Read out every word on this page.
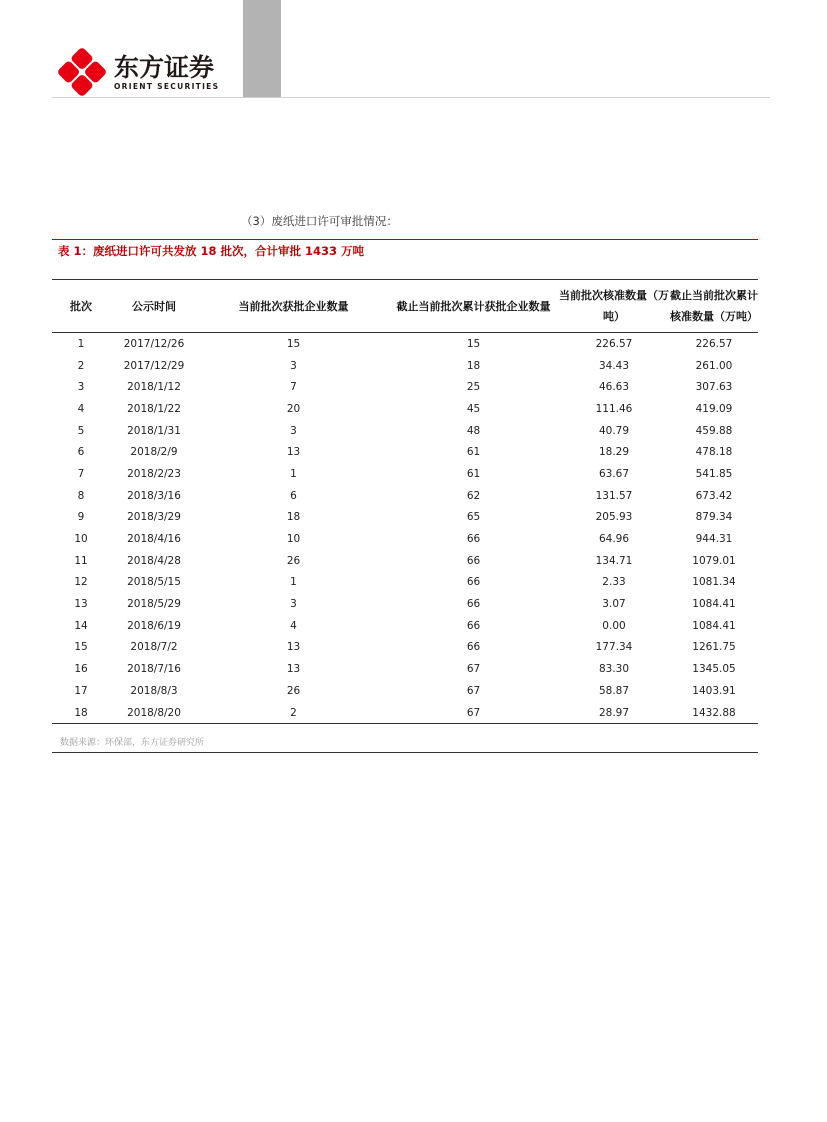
东方证券
ORIENT SECURITIES
（3）废纸进口许可审批情况：
表 1：废纸进口许可共发放 18 批次，合计审批 1433 万吨
批次	公示时间	当前批次获批企业数量	截止当前批次累计获批企业数量	当前批次核准数量（万吨）	截止当前批次累计核准数量（万吨）
1	2017/12/26	15	15	226.57	226.57
2	2017/12/29	3	18	34.43	261.00
3	2018/1/12	7	25	46.63	307.63
4	2018/1/22	20	45	111.46	419.09
5	2018/1/31	3	48	40.79	459.88
6	2018/2/9	13	61	18.29	478.18
7	2018/2/23	1	61	63.67	541.85
8	2018/3/16	6	62	131.57	673.42
9	2018/3/29	18	65	205.93	879.34
10	2018/4/16	10	66	64.96	944.31
11	2018/4/28	26	66	134.71	1079.01
12	2018/5/15	1	66	2.33	1081.34
13	2018/5/29	3	66	3.07	1084.41
14	2018/6/19	4	66	0.00	1084.41
15	2018/7/2	13	66	177.34	1261.75
16	2018/7/16	13	67	83.30	1345.05
17	2018/8/3	26	67	58.87	1403.91
18	2018/8/20	2	67	28.97	1432.88
数据来源：环保部，东方证券研究所
